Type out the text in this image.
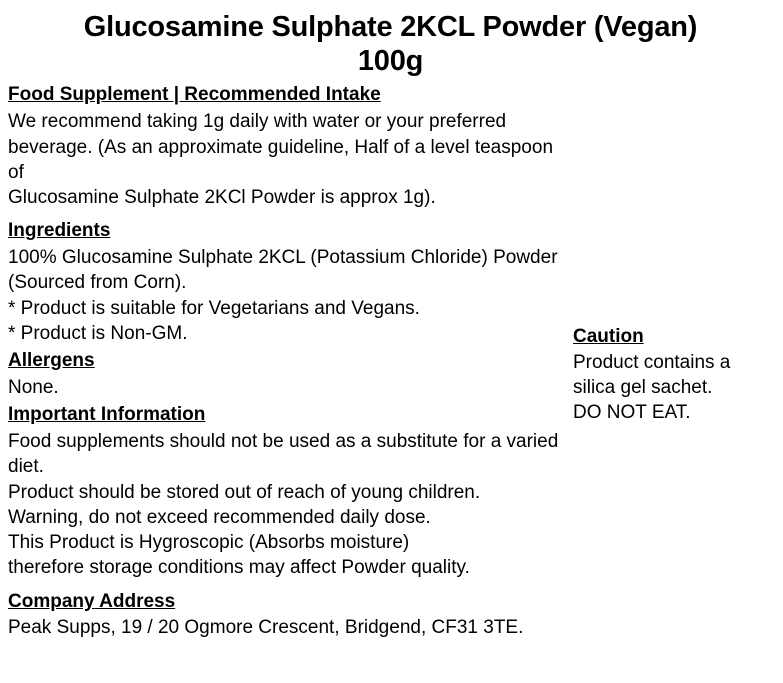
Glucosamine Sulphate 2KCL Powder (Vegan)
100g
Food Supplement | Recommended Intake
We recommend taking 1g daily with water or your preferred
beverage. (As an approximate guideline, Half of a level teaspoon of
Glucosamine Sulphate 2KCl Powder is approx 1g).
Ingredients
100% Glucosamine Sulphate 2KCL (Potassium Chloride) Powder
(Sourced from Corn).
* Product is suitable for Vegetarians and Vegans.
* Product is Non-GM.
Allergens
None.
Important Information
Food supplements should not be used as a substitute for a varied diet.
Product should be stored out of reach of young children.
Warning, do not exceed recommended daily dose.
This Product is Hygroscopic (Absorbs moisture)
therefore storage conditions may affect Powder quality.
Company Address
Peak Supps, 19 / 20 Ogmore Crescent, Bridgend, CF31 3TE.
Caution
Product contains a
silica gel sachet.
DO NOT EAT.
